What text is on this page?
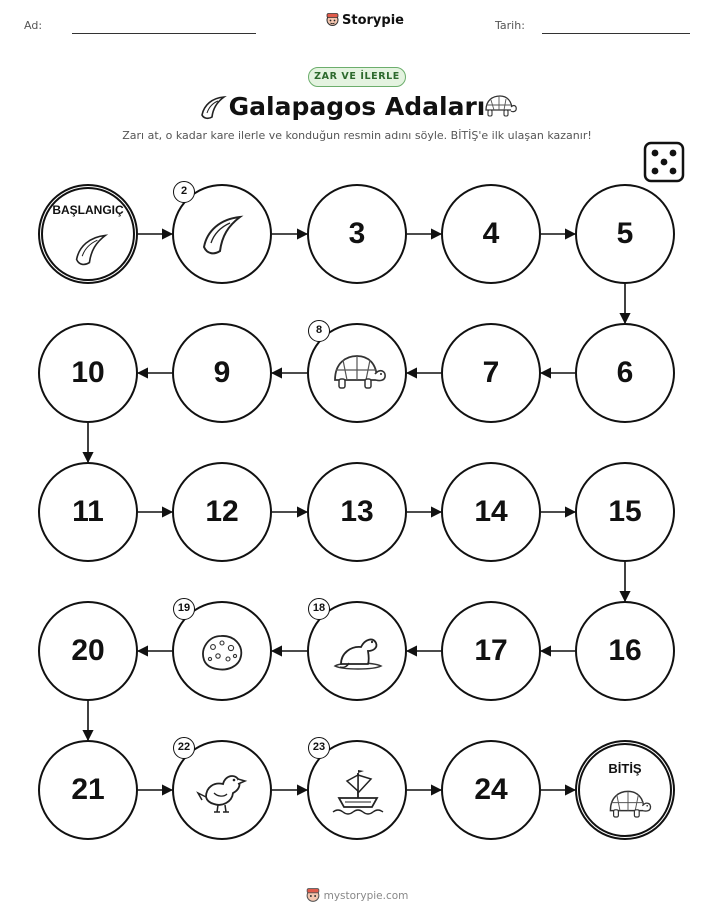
Ad:	Storypie	Tarih:
ZAR VE İLERLE
Galapagos Adaları
Zarı at, o kadar kare ilerle ve konduğun resmin adını söyle. BİTİŞ'e ilk ulaşan kazanır!
BAŞLANGIÇ
2
3	4	5
6
7
8
9
10
11	12	13	14	15
16
17
18
19
20
21
22	23
24
BİTİŞ
mystorypie.com
